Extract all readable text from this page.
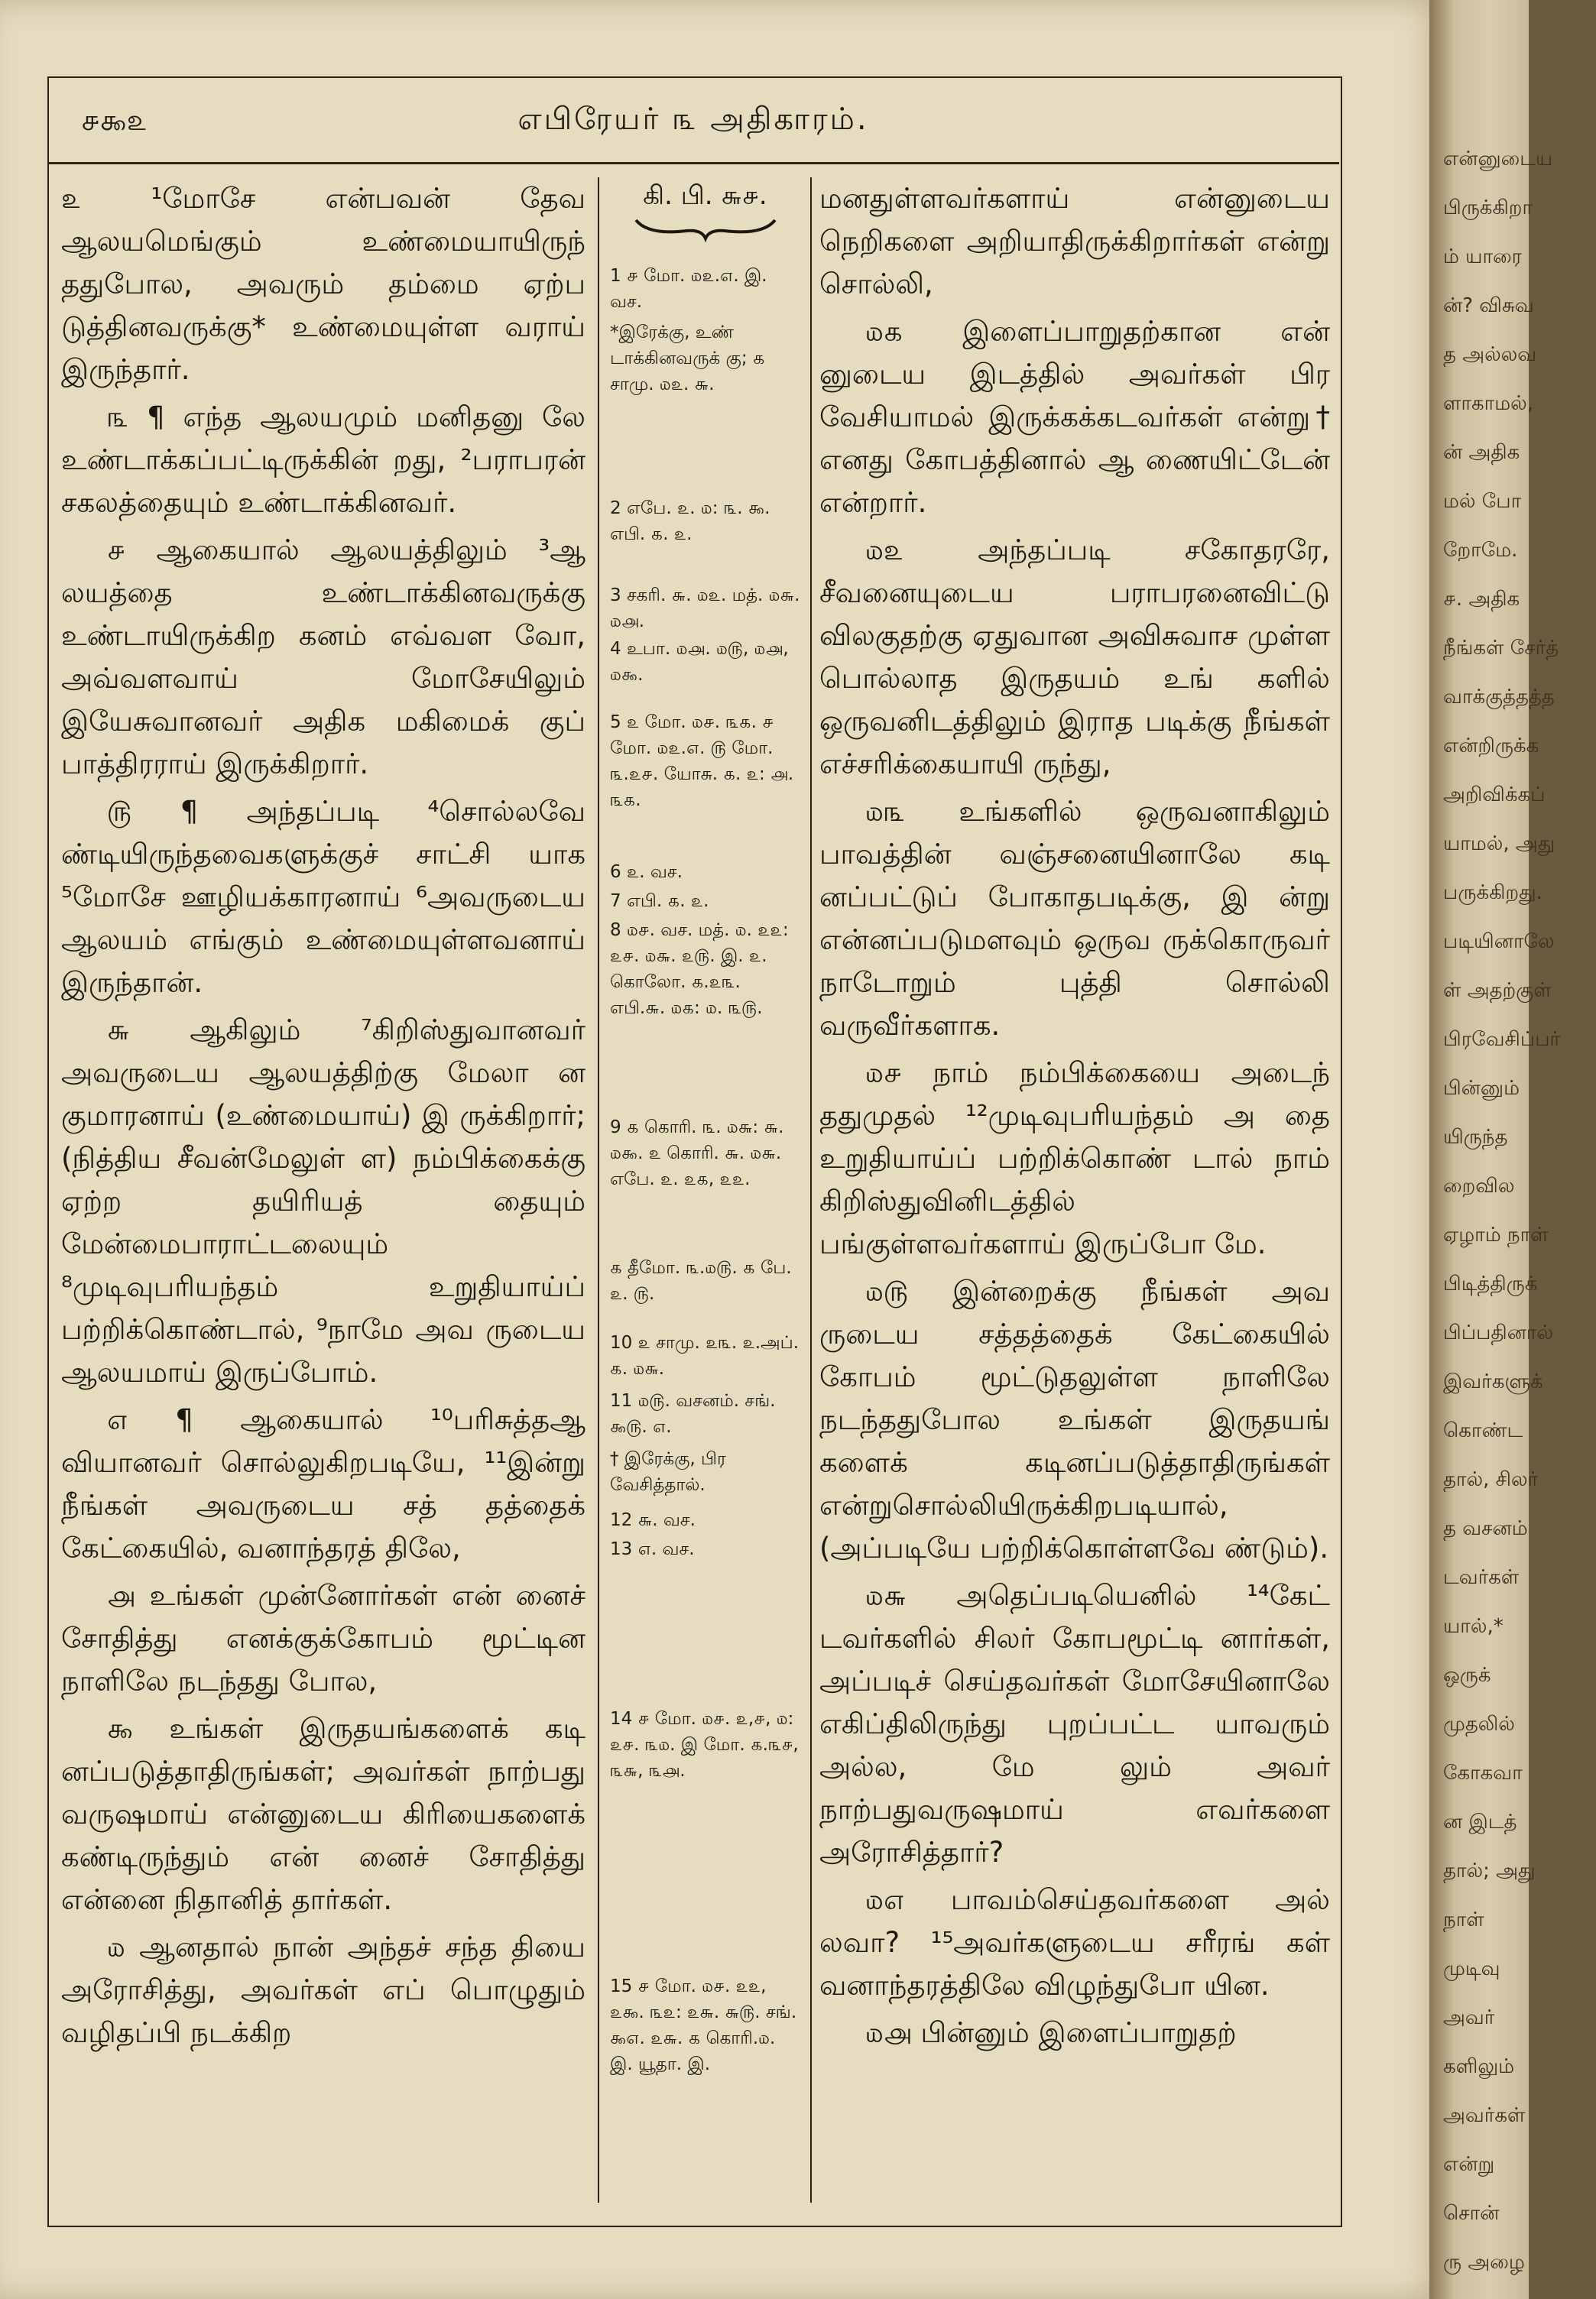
௪௯௨	எபிரேயர் ௩ அதிகாரம்.

௨ ¹மோசே என்பவன் தேவ ஆலயமெங்கும் உண்மையாயிருந் ததுபோல, அவரும் தம்மை ஏற்ப டுத்தினவருக்கு* உண்மையுள்ள வராய் இருந்தார்.

௩ ¶ எந்த ஆலயமும் மனிதனு லே உண்டாக்கப்பட்டிருக்கின் றது, ²பராபரன் சகலத்தையும் உண்டாக்கினவர்.

௪ ஆகையால் ஆலயத்திலும் ³ஆ லயத்தை உண்டாக்கினவருக்கு உண்டாயிருக்கிற கனம் எவ்வள வோ, அவ்வளவாய் மோசேயிலும் இயேசுவானவர் அதிக மகிமைக் குப் பாத்திரராய் இருக்கிறார்.

௫ ¶ அந்தப்படி ⁴சொல்லவே ண்டியிருந்தவைகளுக்குச் சாட்சி யாக ⁵மோசே ஊழியக்காரனாய் ⁶அவருடைய ஆலயம் எங்கும் உண்மையுள்ளவனாய் இருந்தான்.

௬ ஆகிலும் ⁷கிறிஸ்துவானவர் அவருடைய ஆலயத்திற்கு மேலா ன குமாரனாய் (உண்மையாய்) இ ருக்கிறார்; (நித்திய சீவன்மேலுள் ள) நம்பிக்கைக்கு ஏற்ற தயிரியத் தையும் மேன்மைபாராட்டலையும் ⁸முடிவுபரியந்தம் உறுதியாய்ப் பற்றிக்கொண்டால், ⁹நாமே அவ ருடைய ஆலயமாய் இருப்போம்.

௭ ¶ ஆகையால் ¹⁰பரிசுத்தஆ வியானவர் சொல்லுகிறபடியே, ¹¹இன்று நீங்கள் அவருடைய சத் தத்தைக் கேட்கையில், வனாந்தரத் திலே,

௮ உங்கள் முன்னோர்கள் என் னைச் சோதித்து எனக்குக்கோபம் மூட்டின நாளிலே நடந்தது போல,

௯ உங்கள் இருதயங்களைக் கடி னப்படுத்தாதிருங்கள்; அவர்கள் நாற்பது வருஷமாய் என்னுடைய கிரியைகளைக் கண்டிருந்தும் என் னைச் சோதித்து என்னை நிதானித் தார்கள்.

௰ ஆனதால் நான் அந்தச் சந்த தியை அரோசித்து, அவர்கள் எப் பொழுதும் வழிதப்பி நடக்கிற

கி. பி. ௬௪.
1 ௪ மோ. ௰௨.௭. இ. வச.
*இரேக்கு, உண் டாக்கினவருக் கு; ௧ சாமு. ௰௨. ௬.
2 எபே. ௨. ௰: ௩. ௯. எபி. ௧. ௨.
3 சகரி. ௬. ௰௨. மத். ௰௬. ௰௮.
4 உபா. ௰௮. ௰௫, ௰௮, ௰௯.
5 ௨ மோ. ௰௪. ௩௧. ௪ மோ. ௰௨.௭. ௫ மோ. ௩.௨௪. யோசு. ௧. ௨: ௮. ௩௧.
6 ௨. வச.
7 எபி. ௧. ௨.
8 ௰௪. வச. மத். ௰. ௨௨: ௨௪. ௰௬. ௨௫. இ. ௨. கொலோ. ௧.௨௩. எபி.௬. ௰௧: ௰. ௩௫.
9 ௧ கொரி. ௩. ௰௬: ௬. ௰௯. ௨ கொரி. ௬. ௰௬. எபே. ௨. ௨௧, ௨௨.
௧ தீமோ. ௩.௰௫. ௧ பே. ௨. ௫.
10 ௨ சாமு. ௨௩. ௨.அப். ௧. ௰௬.
11 ௰௫. வசனம். சங். ௯௫. ௭.
† இரேக்கு, பிர வேசித்தால்.
12 ௬. வச.
13 ௭. வச.
14 ௪ மோ. ௰௪. ௨,௪, ௰: ௨௪. ௩௰. இ மோ. ௧.௩௪, ௩௬, ௩௮.
15 ௪ மோ. ௰௪. ௨௨, ௨௯. ௩௨: ௨௬. ௬௫. சங். ௯௭. ௨௬. ௧ கொரி.௰. இ. யூதா. இ.

மனதுள்ளவர்களாய் என்னுடைய நெறிகளை அறியாதிருக்கிறார்கள் என்று சொல்லி,

௰௧ இளைப்பாறுதற்கான என் னுடைய இடத்தில் அவர்கள் பிர வேசியாமல் இருக்கக்கடவர்கள் என்று† எனது கோபத்தினால் ஆ ணையிட்டேன் என்றார்.

௰௨ அந்தப்படி சகோதரரே, சீவனையுடைய பராபரனைவிட்டு விலகுதற்கு ஏதுவான அவிசுவாச முள்ள பொல்லாத இருதயம் உங் களில் ஒருவனிடத்திலும் இராத படிக்கு நீங்கள் எச்சரிக்கையாயி ருந்து,

௰௩ உங்களில் ஒருவனாகிலும் பாவத்தின் வஞ்சனையினாலே கடி னப்பட்டுப் போகாதபடிக்கு, இ ன்று என்னப்படுமளவும் ஒருவ ருக்கொருவர் நாடோறும் புத்தி சொல்லி வருவீர்களாக.

௰௪ நாம் நம்பிக்கையை அடைந் ததுமுதல் ¹²முடிவுபரியந்தம் அ தை உறுதியாய்ப் பற்றிக்கொண் டால் நாம் கிறிஸ்துவினிடத்தில் பங்குள்ளவர்களாய் இருப்போ மே.

௰௫ இன்றைக்கு நீங்கள் அவ ருடைய சத்தத்தைக் கேட்கையில் கோபம் மூட்டுதலுள்ள நாளிலே நடந்ததுபோல உங்கள் இருதயங் களைக் கடினப்படுத்தாதிருங்கள் என்றுசொல்லியிருக்கிறபடியால், (அப்படியே பற்றிக்கொள்ளவே ண்டும்).

௰௬ அதெப்படியெனில் ¹⁴கேட் டவர்களில் சிலர் கோபமூட்டி னார்கள், அப்படிச் செய்தவர்கள் மோசேயினாலே எகிப்திலிருந்து புறப்பட்ட யாவரும் அல்ல, மே லும் அவர் நாற்பதுவருஷமாய் எவர்களை அரோசித்தார்?

௰௭ பாவம்செய்தவர்களை அல் லவா? ¹⁵அவர்களுடைய சரீரங் கள் வனாந்தரத்திலே விழுந்துபோ யின.

௰௮ பின்னும் இளைப்பாறுதற்

என்னுடைய
பிருக்கிறா
ம் யாரை
ன்? விசுவ
த அல்லவ
ளாகாமல்,
ன் அதிக
மல் போ
றோமே.
௪. அதிக
நீங்கள் சேர்த்
வாக்குத்தத்த
என்றிருக்க
அறிவிக்கப்
யாமல், அது
பருக்கிறது.
படியினாலே
ள் அதற்குள்
பிரவேசிப்பர்
பின்னும்
யிருந்த
றைவில
ஏழாம் நாள்
பிடித்திருக்
பிப்பதினால்
இவர்களுக்
கொண்ட
தால், சிலர்
த வசனம்
டவர்கள்
யால்,*
ஒருக்
முதலில்
கோகவா
ன இடத்
தால்; அது
நாள்
முடிவு
அவர்
களிலும்
அவர்கள்
என்று
சொன்
ரு அழை
